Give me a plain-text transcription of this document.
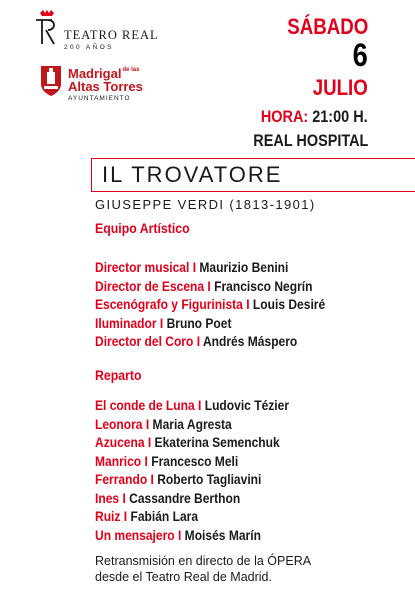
TEATRO REAL
200 AÑOS
Madrigalde las
Altas Torres
AYUNTAMIENTO
SÁBADO
6
JULIO
HORA: 21:00 H.
REAL HOSPITAL
IL TROVATORE
GIUSEPPE VERDI (1813-1901)
Equipo Artístico
Director musical I Maurizio Benini
Director de Escena I Francisco Negrín
Escenógrafo y Figurinista I Louis Desiré
Iluminador I Bruno Poet
Director del Coro I Andrés Máspero
Reparto
El conde de Luna I Ludovic Tézier
Leonora I Maria Agresta
Azucena I Ekaterina Semenchuk
Manrico I Francesco Meli
Ferrando I Roberto Tagliavini
Ines I Cassandre Berthon
Ruiz I Fabián Lara
Un mensajero I Moisés Marín
Retransmisión en directo de la ÓPERA
desde el Teatro Real de Madrid.
